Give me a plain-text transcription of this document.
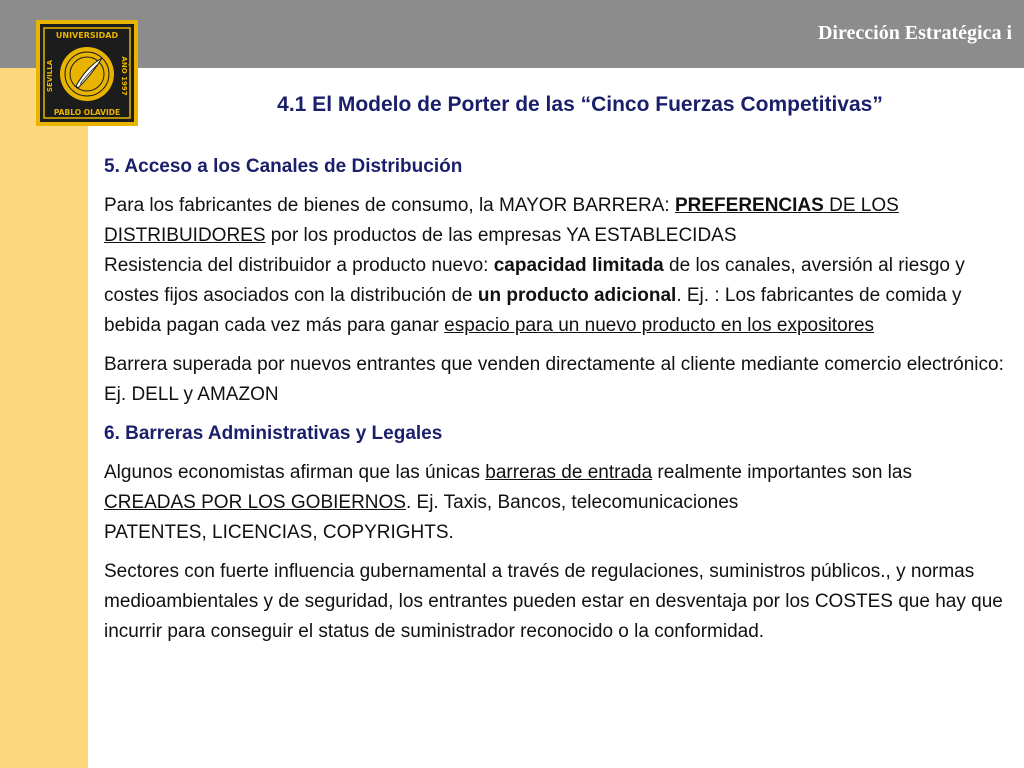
Dirección Estratégica i
UNIVERSIDAD
PABLO OLAVIDE
SEVILLA	AÑO 1997
4.1 El Modelo de Porter de las “Cinco Fuerzas Competitivas”

5. Acceso a los Canales de Distribución

Para los fabricantes de bienes de consumo, la MAYOR BARRERA: PREFERENCIAS DE LOS DISTRIBUIDORES por los productos de las empresas YA ESTABLECIDAS

Resistencia del distribuidor a producto nuevo: capacidad limitada de los canales, aversión al riesgo y costes fijos asociados con la distribución de un producto adicional. Ej. : Los fabricantes de comida y bebida pagan cada vez más para ganar espacio para un nuevo producto en los expositores

Barrera superada por nuevos entrantes que venden directamente al cliente mediante comercio electrónico: Ej. DELL y AMAZON

6. Barreras Administrativas y Legales

Algunos economistas afirman que las únicas barreras de entrada realmente importantes son las CREADAS POR LOS GOBIERNOS. Ej. Taxis, Bancos, telecomunicaciones

PATENTES, LICENCIAS, COPYRIGHTS.

Sectores con fuerte influencia gubernamental a través de regulaciones, suministros públicos., y normas medioambientales y de seguridad, los entrantes pueden estar en desventaja por los COSTES que hay que incurrir para conseguir el status de suministrador reconocido o la conformidad.
